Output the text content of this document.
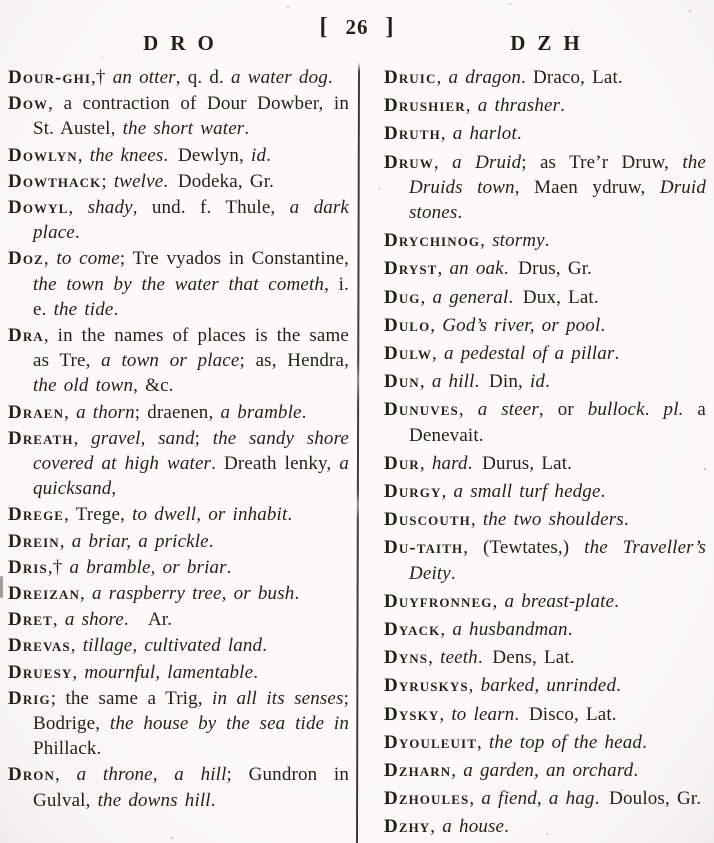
[ 26 ]
DRO

Dour-ghi,† an otter, q. d. a water dog.

Dow, a contraction of Dour Dowber, in St. Austel, the short water.

Dowlyn, the knees. Dewlyn, id.

Dowthack; twelve. Dodeka, Gr.

Dowyl, shady, und. f. Thule, a dark place.

Doz, to come; Tre vyados in Constantine, the town by the water that cometh, i. e. the tide.

Dra, in the names of places is the same as Tre, a town or place; as, Hendra, the old town, &c.

Draen, a thorn; draenen, a bramble.

Dreath, gravel, sand; the sandy shore covered at high water. Dreath lenky, a quicksand,

Drege, Trege, to dwell, or inhabit.

Drein, a briar, a prickle.

Dris,† a bramble, or briar.

Dreizan, a raspberry tree, or bush.

Dret, a shore. Ar.

Drevas, tillage, cultivated land.

Druesy, mournful, lamentable.

Drig; the same a Trig, in all its senses; Bodrige, the house by the sea tide in Phillack.

Dron, a throne, a hill; Gundron in Gulval, the downs hill.

DZH

Druic, a dragon. Draco, Lat.

Drushier, a thrasher.

Druth, a harlot.

Druw, a Druid; as Tre’r Druw, the Druids town, Maen ydruw, Druid stones.

Drychinog, stormy.

Dryst, an oak. Drus, Gr.

Dug, a general. Dux, Lat.

Dulo, God’s river, or pool.

Dulw, a pedestal of a pillar.

Dun, a hill. Din, id.

Dunuves, a steer, or bullock. pl. a Denevait.

Dur, hard. Durus, Lat.

Durgy, a small turf hedge.

Duscouth, the two shoulders.

Du-taith, (Tewtates,) the Traveller’s Deity.

Duyfronneg, a breast-plate.

Dyack, a husbandman.

Dyns, teeth. Dens, Lat.

Dyruskys, barked, unrinded.

Dysky, to learn. Disco, Lat.

Dyouleuit, the top of the head.

Dzharn, a garden, an orchard.

Dzhoules, a fiend, a hag. Doulos, Gr.

Dzhy, a house.
